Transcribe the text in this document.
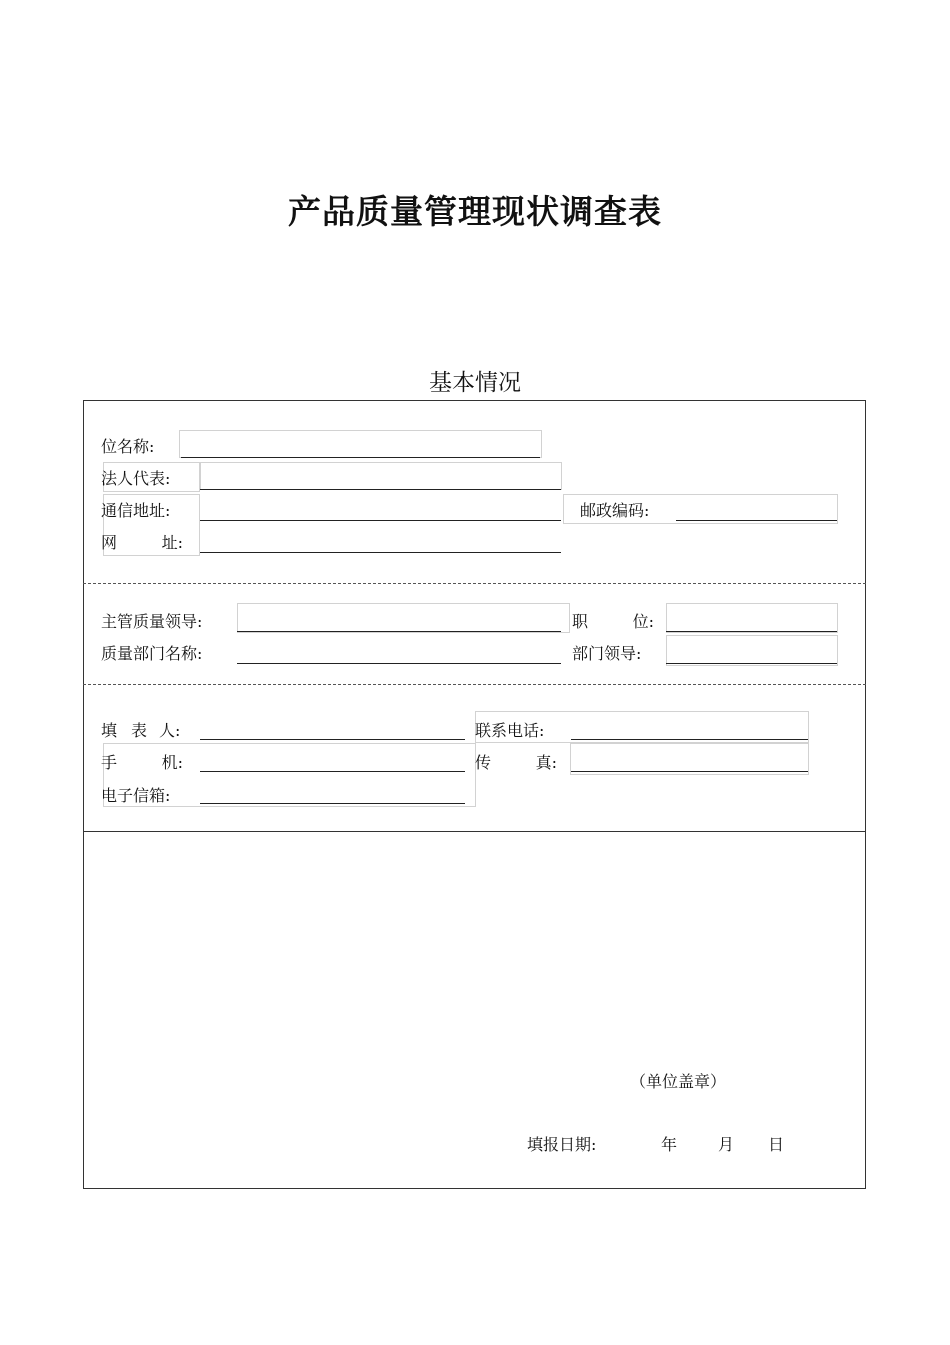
产品质量管理现状调查表
基本情况
位名称:
法人代表:
通信地址:	邮政编码:
网	址:
主管质量领导:	职	位:
质量部门名称:	部门领导:
填 表 人:	联系电话:
手	机:	传	真:
电子信箱:
（单位盖章）
填报日期:	年	月 日
